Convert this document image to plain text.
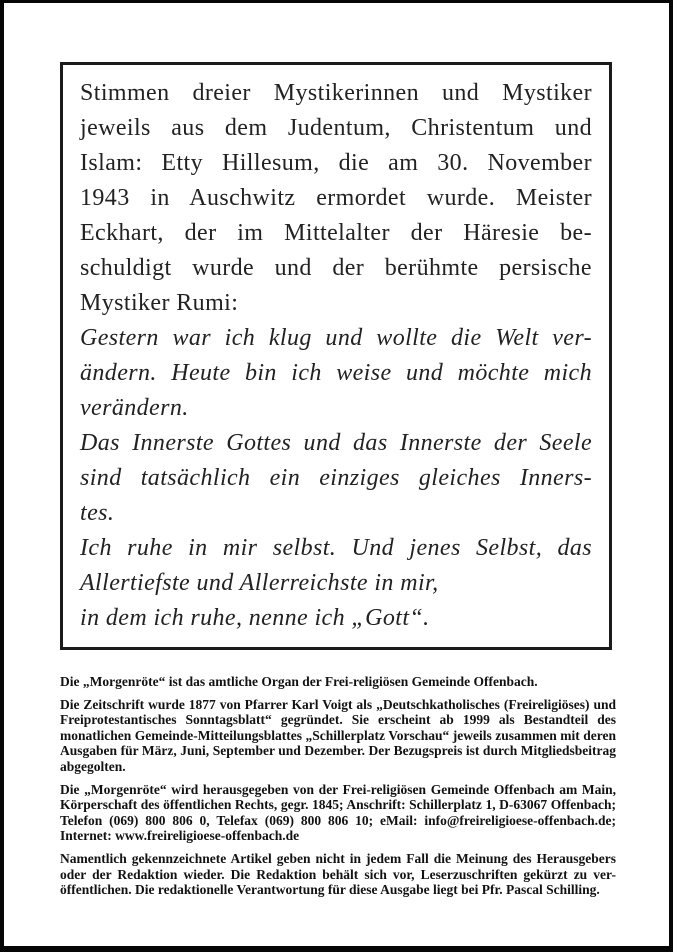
Stimmen dreier Mystikerinnen und Mystiker
jeweils aus dem Judentum, Christentum und
Islam: Etty Hillesum, die am 30. November
1943 in Auschwitz ermordet wurde. Meister
Eckhart, der im Mittelalter der Häresie be-
schuldigt wurde und der berühmte persische
Mystiker Rumi:
Gestern war ich klug und wollte die Welt ver-
ändern. Heute bin ich weise und möchte mich
verändern.
Das Innerste Gottes und das Innerste der Seele
sind tatsächlich ein einziges gleiches Inners-
tes.
Ich ruhe in mir selbst. Und jenes Selbst, das
Allertiefste und Allerreichste in mir,
in dem ich ruhe, nenne ich „Gott“.

Die „Morgenröte“ ist das amtliche Organ der Frei-religiösen Gemeinde Offenbach.

Die Zeitschrift wurde 1877 von Pfarrer Karl Voigt als „Deutschkatholisches (Freireligiöses) und Freiprotestantisches Sonntagsblatt“ gegründet. Sie erscheint ab 1999 als Bestandteil des monatlichen Gemeinde-Mitteilungsblattes „Schillerplatz Vorschau“ jeweils zusammen mit deren Ausgaben für März, Juni, September und Dezember. Der Bezugspreis ist durch Mitgliedsbeitrag abgegolten.

Die „Morgenröte“ wird herausgegeben von der Frei-religiösen Gemeinde Offenbach am Main, Körperschaft des öffentlichen Rechts, gegr. 1845; Anschrift: Schillerplatz 1, D-63067 Offenbach; Telefon (069) 800 806 0, Telefax (069) 800 806 10; eMail: info@freireligioese-offenbach.de; Internet: www.freireligioese-offenbach.de

Namentlich gekennzeichnete Artikel geben nicht in jedem Fall die Meinung des Herausgebers oder der Redaktion wieder. Die Redaktion behält sich vor, Leserzuschriften gekürzt zu ver-öffentlichen. Die redaktionelle Verantwortung für diese Ausgabe liegt bei Pfr. Pascal Schilling.
